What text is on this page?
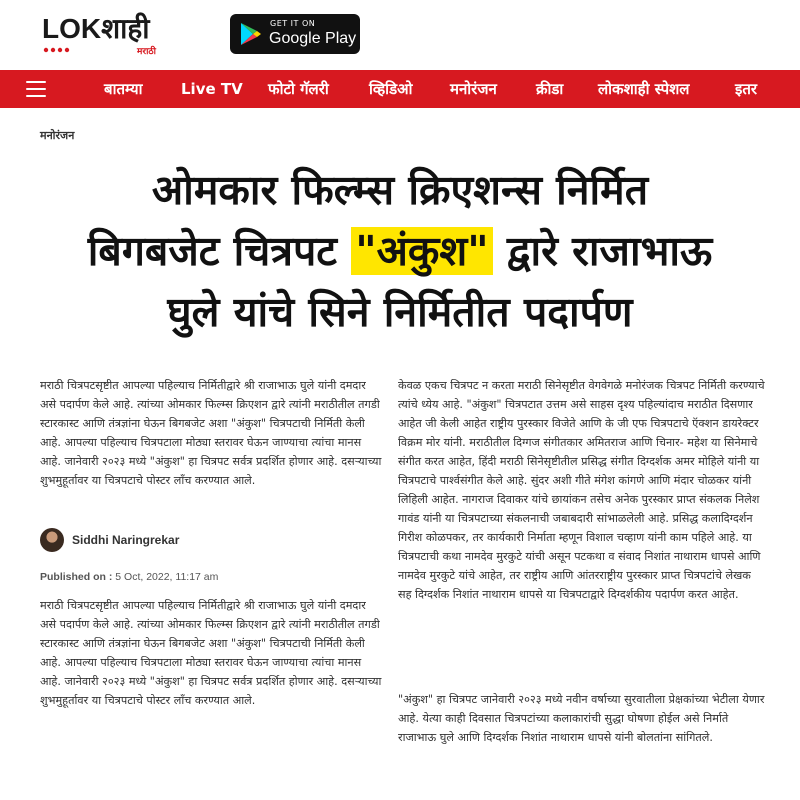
LOKशाही
मराठी
GET IT ON
Google Play
बातम्या	Live TV फोटो गॅलरी	व्हिडिओ	मनोरंजन	क्रीडा लोकशाही स्पेशल	इतर
मनोरंजन
ओमकार फिल्म्स क्रिएशन्स निर्मित
बिगबजेट चित्रपट "अंकुश" द्वारे राजाभाऊ
घुले यांचे सिने निर्मितीत पदार्पण

मराठी चित्रपटसृष्टीत आपल्या पहिल्याच निर्मितीद्वारे श्री राजाभाऊ घुले यांनी दमदार असे पदार्पण केले आहे. त्यांच्या ओमकार फिल्म्स क्रिएशन द्वारे त्यांनी मराठीतील तगडी स्टारकास्ट आणि तंत्रज्ञांना घेऊन बिगबजेट अशा "अंकुश" चित्रपटाची निर्मिती केली आहे. आपल्या पहिल्याच चित्रपटाला मोठ्या स्तरावर घेऊन जाण्याचा त्यांचा मानस आहे. जानेवारी २०२३ मध्ये "अंकुश" हा चित्रपट सर्वत्र प्रदर्शित होणार आहे. दसऱ्याच्या शुभमुहूर्तावर या चित्रपटाचे पोस्टर लॉंच करण्यात आले.

Siddhi Naringrekar
Published on : 5 Oct, 2022, 11:17 am

मराठी चित्रपटसृष्टीत आपल्या पहिल्याच निर्मितीद्वारे श्री राजाभाऊ घुले यांनी दमदार असे पदार्पण केले आहे. त्यांच्या ओमकार फिल्म्स क्रिएशन द्वारे त्यांनी मराठीतील तगडी स्टारकास्ट आणि तंत्रज्ञांना घेऊन बिगबजेट अशा "अंकुश" चित्रपटाची निर्मिती केली आहे. आपल्या पहिल्याच चित्रपटाला मोठ्या स्तरावर घेऊन जाण्याचा त्यांचा मानस आहे. जानेवारी २०२३ मध्ये "अंकुश" हा चित्रपट सर्वत्र प्रदर्शित होणार आहे. दसऱ्याच्या शुभमुहूर्तावर या चित्रपटाचे पोस्टर लॉंच करण्यात आले.

केवळ एकच चित्रपट न करता मराठी सिनेसृष्टीत वेगवेगळे मनोरंजक चित्रपट निर्मिती करण्याचे त्यांचे ध्येय आहे. "अंकुश" चित्रपटात उत्तम असे साहस दृश्य पहिल्यांदाच मराठीत दिसणार आहेत जी केली आहेत राष्ट्रीय पुरस्कार विजेते आणि के जी एफ चित्रपटाचे ऍक्शन डायरेक्टर विक्रम मोर यांनी. मराठीतील दिग्गज संगीतकार अमितराज आणि चिनार- महेश या सिनेमाचे संगीत करत आहेत, हिंदी मराठी सिनेसृष्टीतील प्रसिद्ध संगीत दिग्दर्शक अमर मोहिले यांनी या चित्रपटाचे पार्श्वसंगीत केले आहे. सुंदर अशी गीते मंगेश कांगणे आणि मंदार चोळकर यांनी लिहिली आहेत. नागराज दिवाकर यांचे छायांकन तसेच अनेक पुरस्कार प्राप्त संकलक निलेश गावंड यांनी या चित्रपटाच्या संकलनाची जबाबदारी सांभाळलेली आहे. प्रसिद्ध कलादिग्दर्शन गिरीश कोळपकर, तर कार्यकारी निर्माता म्हणून विशाल चव्हाण यांनी काम पहिले आहे. या चित्रपटाची कथा नामदेव मुरकुटे यांची असून पटकथा व संवाद निशांत नाथाराम धापसे आणि नामदेव मुरकुटे यांचे आहेत, तर राष्ट्रीय आणि आंतरराष्ट्रीय पुरस्कार प्राप्त चित्रपटांचे लेखक सह दिग्दर्शक निशांत नाथाराम धापसे या चित्रपटाद्वारे दिग्दर्शकीय पदार्पण करत आहेत.

"अंकुश" हा चित्रपट जानेवारी २०२३ मध्ये नवीन वर्षाच्या सुरवातीला प्रेक्षकांच्या भेटीला येणार आहे. येत्या काही दिवसात चित्रपटांच्या कलाकारांची सुद्धा घोषणा होईल असे निर्माते राजाभाऊ घुले आणि दिग्दर्शक निशांत नाथाराम धापसे यांनी बोलतांना सांगितले.
